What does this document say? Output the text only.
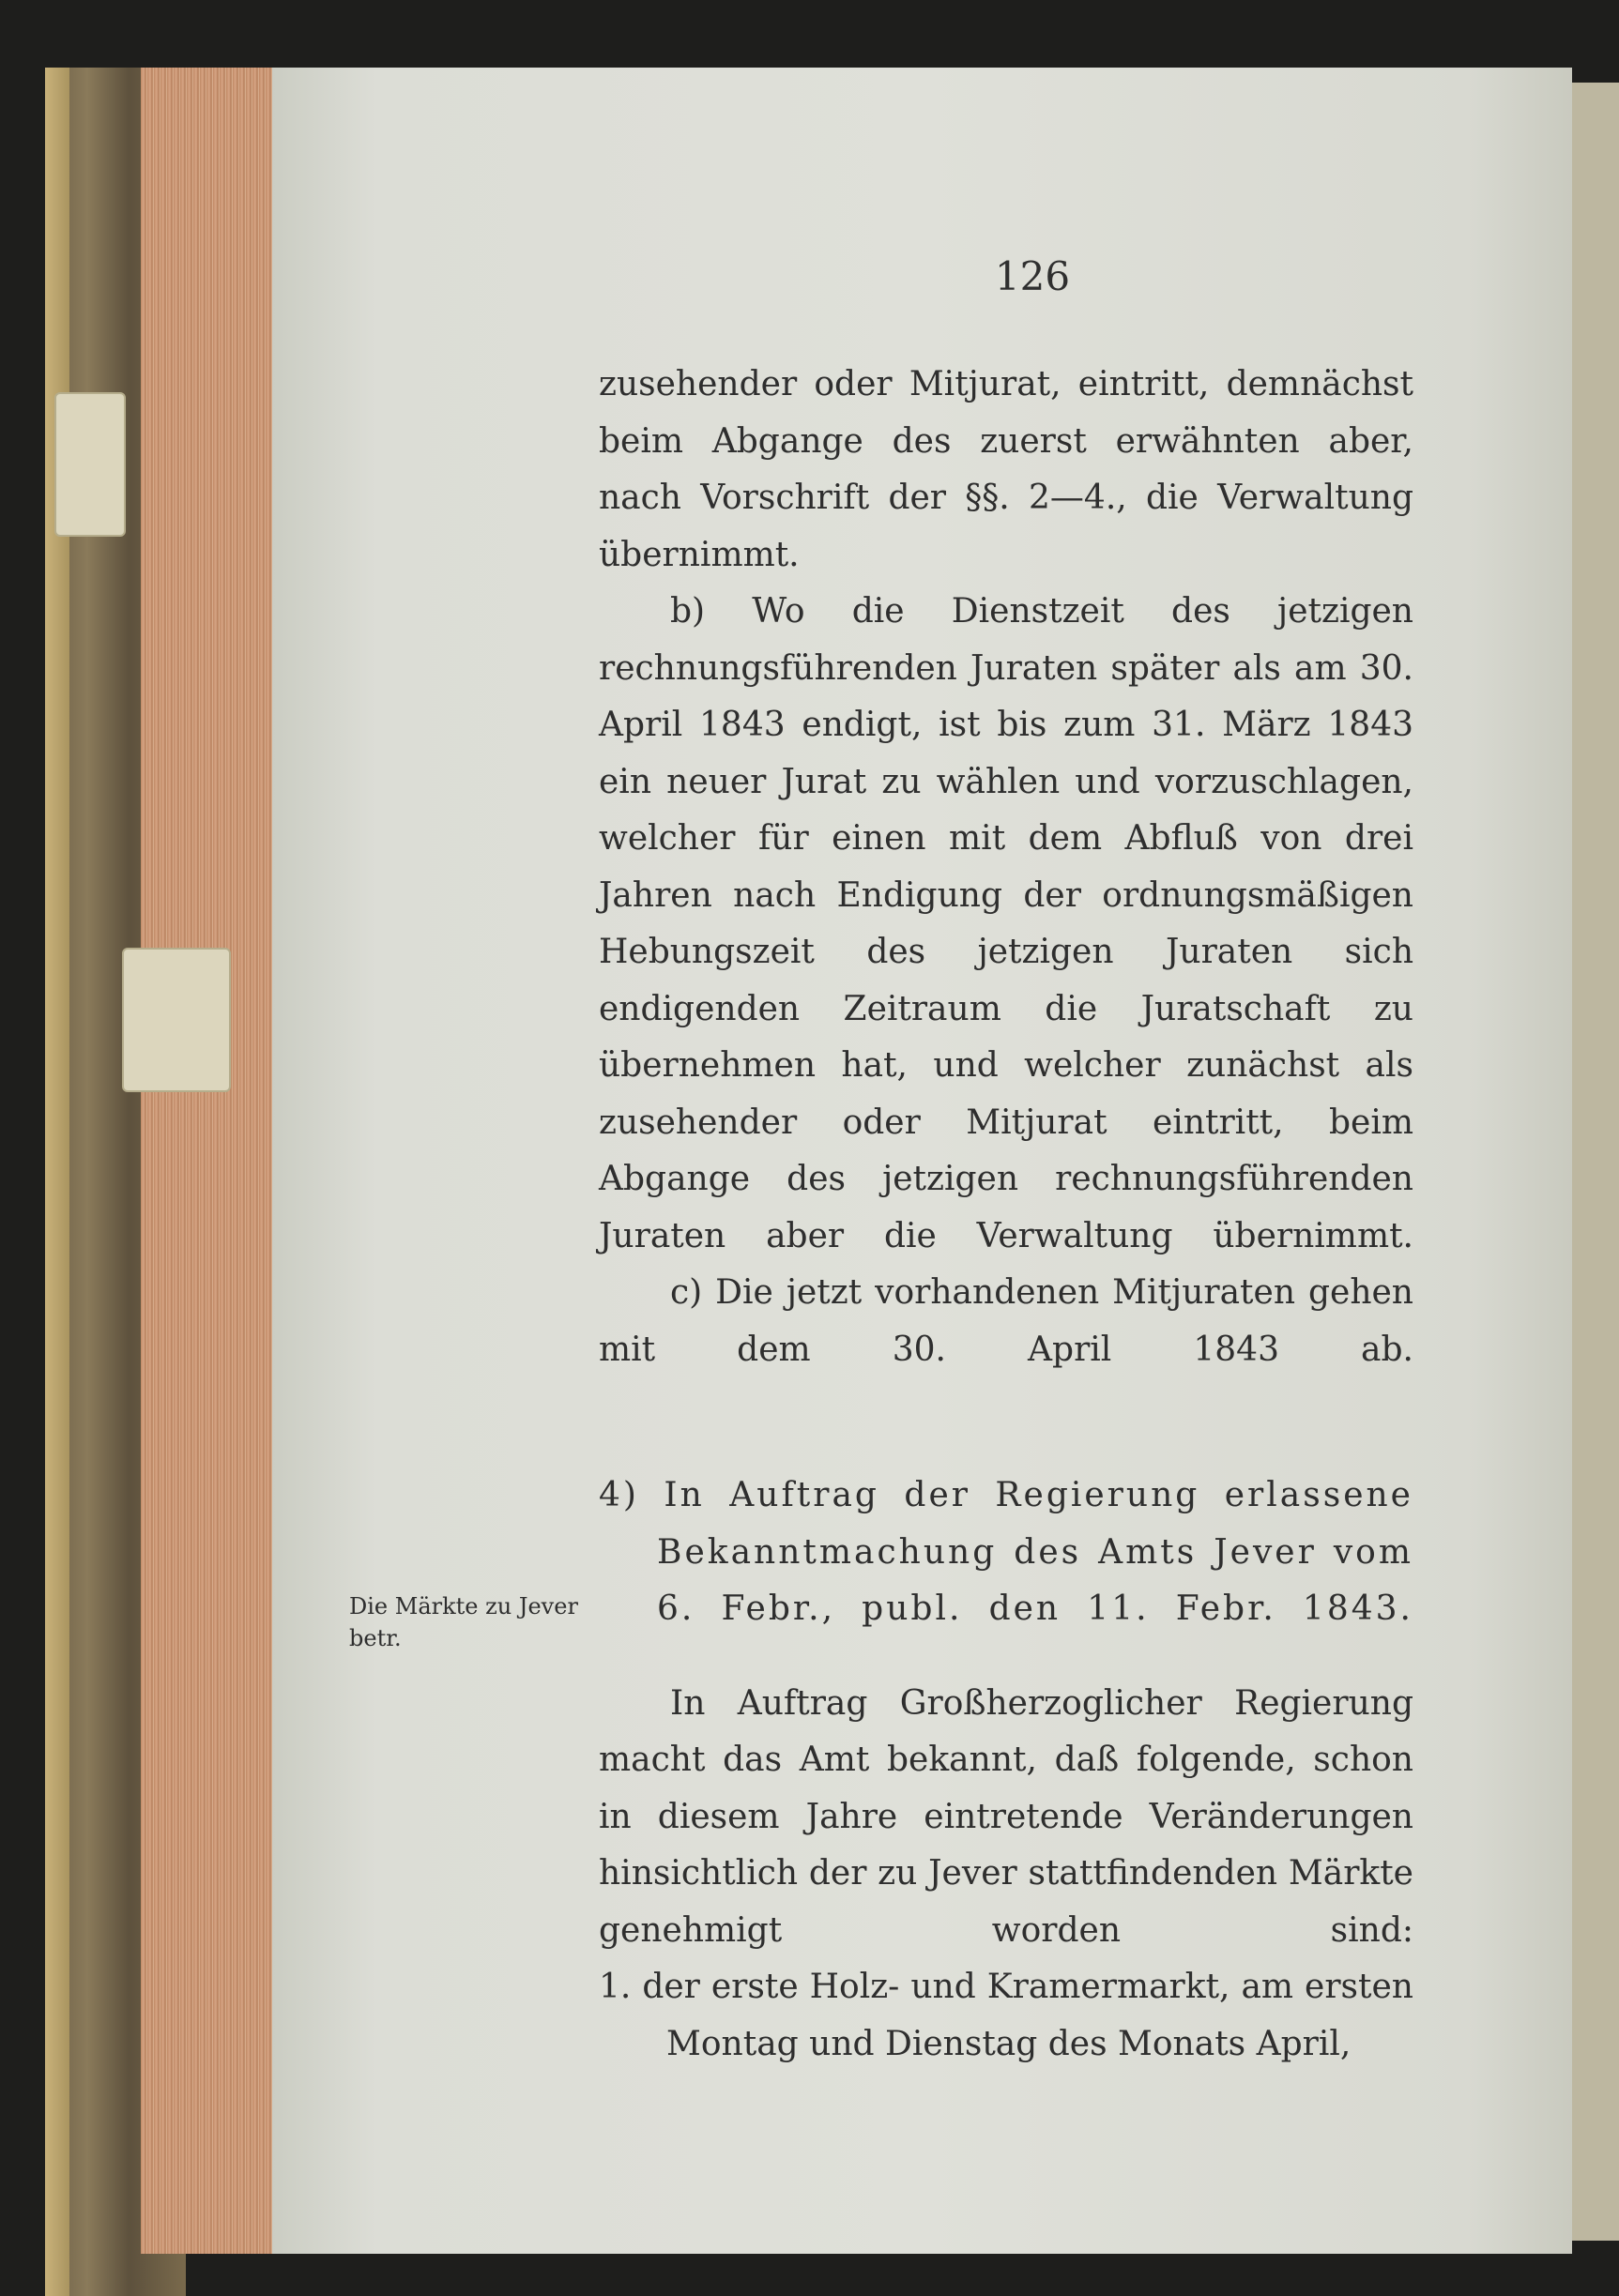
126

zusehender oder Mitjurat, eintritt, demnächst beim Abgange des zuerst erwähnten aber, nach Vorschrift der §§. 2—4., die Verwaltung übernimmt.

b) Wo die Dienstzeit des jetzigen rechnungsführenden Juraten später als am 30. April 1843 endigt, ist bis zum 31. März 1843 ein neuer Jurat zu wählen und vorzuschlagen, welcher für einen mit dem Abfluß von drei Jahren nach Endigung der ordnungsmäßigen Hebungszeit des jetzigen Juraten sich endigenden Zeitraum die Juratschaft zu übernehmen hat, und welcher zunächst als zusehender oder Mitjurat eintritt, beim Abgange des jetzigen rechnungsführenden Juraten aber die Verwaltung übernimmt.

c) Die jetzt vorhandenen Mitjuraten gehen mit dem 30. April 1843 ab.

4) In Auftrag der Regierung erlassene Bekanntmachung des Amts Jever vom 6. Febr., publ. den 11. Febr. 1843.

In Auftrag Großherzoglicher Regierung macht das Amt bekannt, daß folgende, schon in diesem Jahre eintretende Veränderungen hinsichtlich der zu Jever stattfindenden Märkte genehmigt worden sind:

1. der erste Holz- und Kramermarkt, am ersten Montag und Dienstag des Monats April,

Die Märkte zu Jever betr.
